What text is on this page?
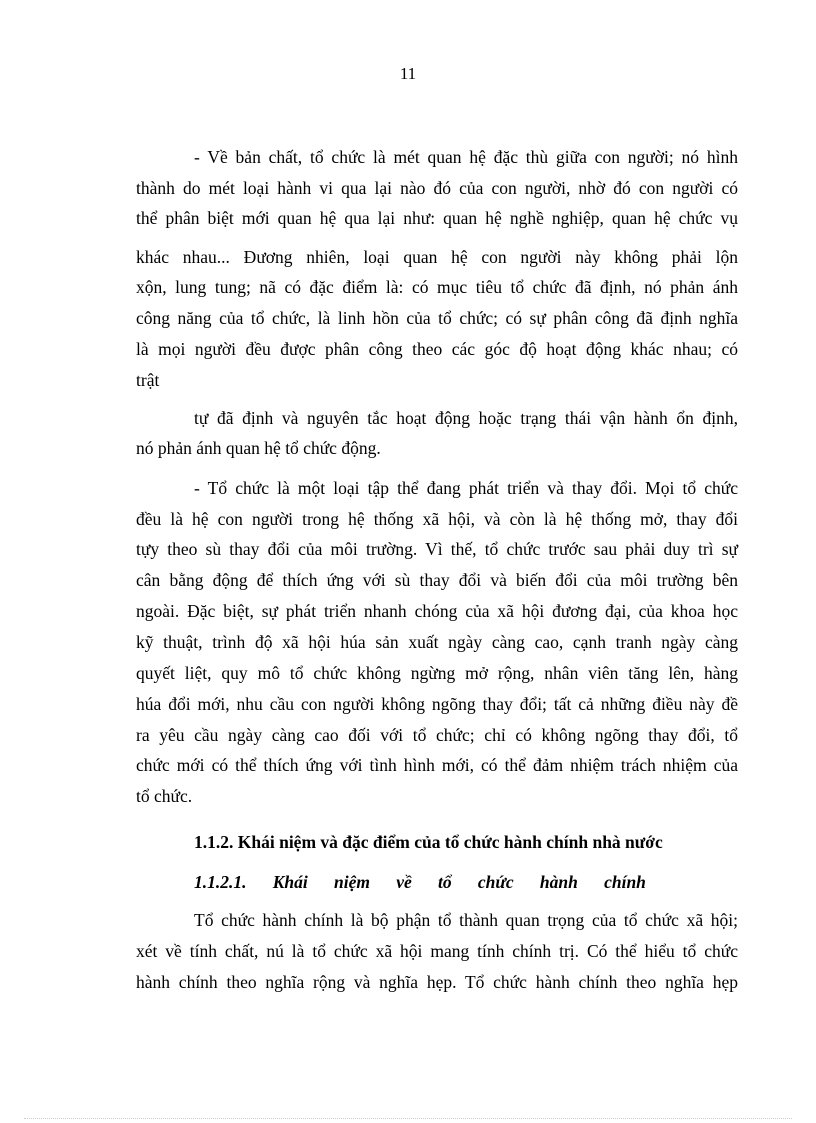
11
- Về bản chất, tổ chức là mét quan hệ đặc thù giữa con người; nó hình
thành do mét loại hành vi qua lại nào đó của con người, nhờ đó con người có
thể phân biệt mới quan hệ qua lại như: quan hệ nghề nghiệp, quan hệ chức vụ
khác nhau... Đương nhiên, loại quan hệ con người này không phải lộn
xộn, lung tung; nã có đặc điểm là: có mục tiêu tổ chức đã định, nó phản ánh
công năng của tổ chức, là linh hồn của tổ chức; có sự phân công đã định nghĩa
là mọi người đều được phân công theo các góc độ hoạt động khác nhau; có
trật
tự đã định và nguyên tắc hoạt động hoặc trạng thái vận hành ổn định,
nó phản ánh quan hệ tổ chức động.
- Tổ chức là một loại tập thể đang phát triển và thay đổi. Mọi tổ chức
đều là hệ con người trong hệ thống xã hội, và còn là hệ thống mở, thay đổi
tựy theo sù thay đổi của môi trường. Vì thế, tổ chức trước sau phải duy trì sự
cân bằng động để thích ứng với sù thay đổi và biến đổi của môi trường bên
ngoài. Đặc biệt, sự phát triển nhanh chóng của xã hội đương đại, của khoa học
kỹ thuật, trình độ xã hội húa sản xuất ngày càng cao, cạnh tranh ngày càng
quyết liệt, quy mô tổ chức không ngừng mở rộng, nhân viên tăng lên, hàng
húa đổi mới, nhu cầu con người không ngõng thay đổi; tất cả những điều này đề
ra yêu cầu ngày càng cao đối với tổ chức; chỉ có không ngõng thay đổi, tổ
chức mới có thể thích ứng với tình hình mới, có thể đảm nhiệm trách nhiệm của
tổ chức.
1.1.2. Khái niệm và đặc điểm của tổ chức hành chính nhà nước
1.1.2.1.      Khái      niệm      về      tổ      chức      hành      chính
Tổ chức hành chính là bộ phận tổ thành quan trọng của tổ chức xã hội;
xét về tính chất, nú là tổ chức xã hội mang tính chính trị. Có thể hiểu tổ chức
hành chính theo nghĩa rộng và nghĩa hẹp. Tổ chức hành chính theo nghĩa hẹp
